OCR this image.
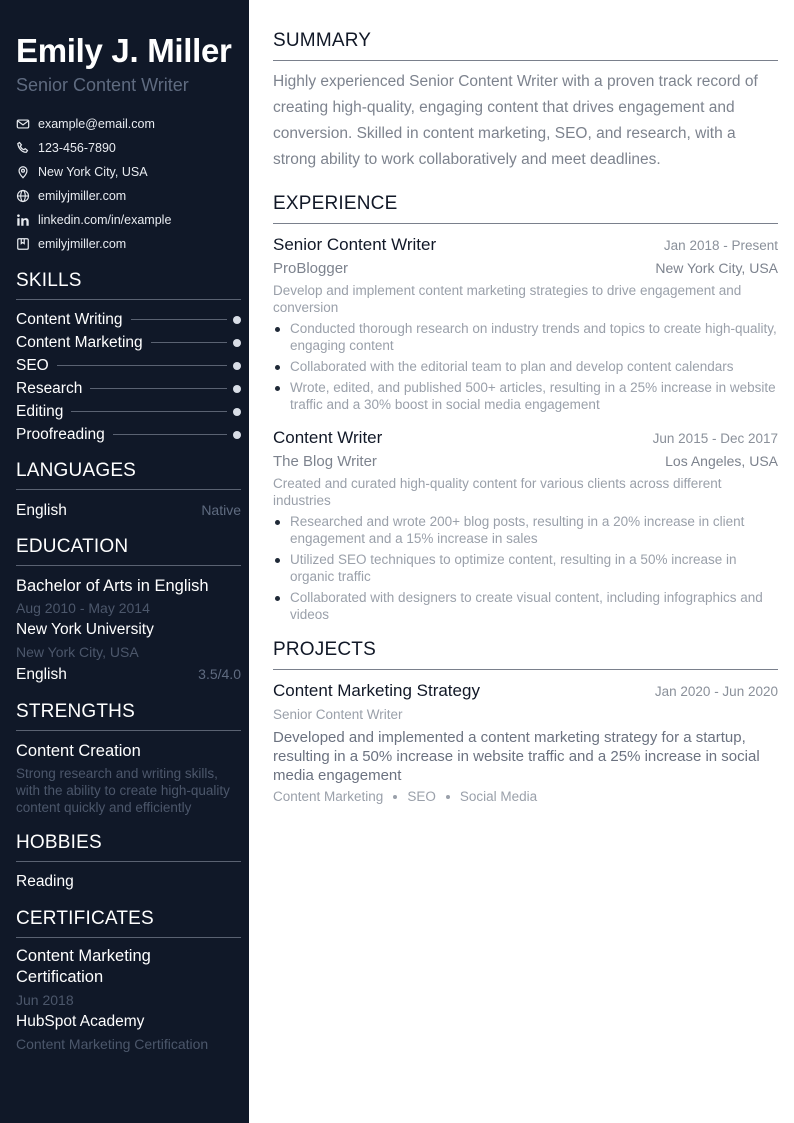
Emily J. Miller
Senior Content Writer
example@email.com
123-456-7890
New York City, USA
emilyjmiller.com
linkedin.com/in/example
emilyjmiller.com
SKILLS
Content Writing
Content Marketing
SEO
Research
Editing
Proofreading
LANGUAGES
English	Native
EDUCATION
Bachelor of Arts in English
Aug 2010 - May 2014
New York University
New York City, USA
English	3.5/4.0
STRENGTHS
Content Creation
Strong research and writing skills, with the ability to create high-quality content quickly and efficiently
HOBBIES
Reading
CERTIFICATES
Content Marketing Certification
Jun 2018
HubSpot Academy
Content Marketing Certification
SUMMARY

Highly experienced Senior Content Writer with a proven track record of creating high-quality, engaging content that drives engagement and conversion. Skilled in content marketing, SEO, and research, with a strong ability to work collaboratively and meet deadlines.

EXPERIENCE
Senior Content Writer	Jan 2018 - Present
ProBlogger	New York City, USA
Develop and implement content marketing strategies to drive engagement and conversion
Conducted thorough research on industry trends and topics to create high-quality, engaging content
Collaborated with the editorial team to plan and develop content calendars
Wrote, edited, and published 500+ articles, resulting in a 25% increase in website traffic and a 30% boost in social media engagement
Content Writer	Jun 2015 - Dec 2017
The Blog Writer	Los Angeles, USA
Created and curated high-quality content for various clients across different industries
Researched and wrote 200+ blog posts, resulting in a 20% increase in client engagement and a 15% increase in sales
Utilized SEO techniques to optimize content, resulting in a 50% increase in organic traffic
Collaborated with designers to create visual content, including infographics and videos
PROJECTS
Content Marketing Strategy	Jan 2020 - Jun 2020
Senior Content Writer
Developed and implemented a content marketing strategy for a startup, resulting in a 50% increase in website traffic and a 25% increase in social media engagement
Content Marketing SEO Social Media
